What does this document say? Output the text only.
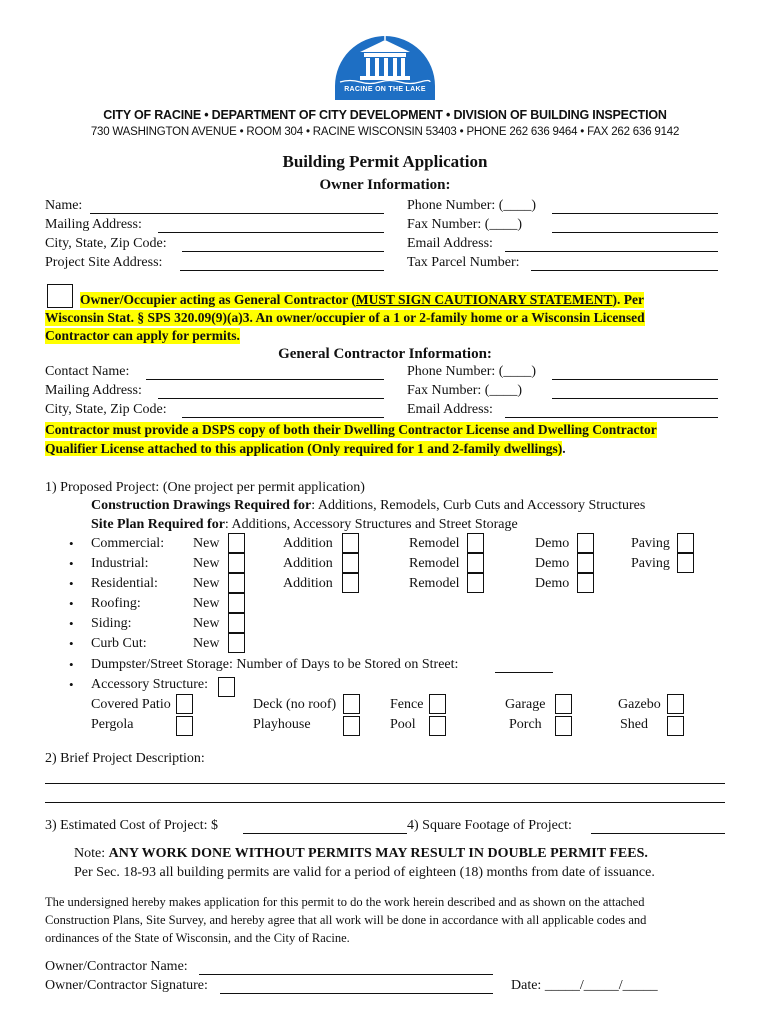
RACINE ON THE LAKE
CITY OF RACINE • DEPARTMENT OF CITY DEVELOPMENT • DIVISION OF BUILDING INSPECTION
730 WASHINGTON AVENUE • ROOM 304 • RACINE WISCONSIN 53403 • PHONE 262 636 9464 • FAX 262 636 9142
Building Permit Application
Owner Information:
Name:
Mailing Address:
City, State, Zip Code:
Project Site Address:
Phone Number: (____)
Fax Number: (____)
Email Address:
Tax Parcel Number:
Owner/Occupier acting as General Contractor (MUST SIGN CAUTIONARY STATEMENT). Per
Wisconsin Stat. § SPS 320.09(9)(a)3. An owner/occupier of a 1 or 2-family home or a Wisconsin Licensed
Contractor can apply for permits.
General Contractor Information:
Contact Name:
Mailing Address:
City, State, Zip Code:
Phone Number: (____)
Fax Number: (____)
Email Address:
Contractor must provide a DSPS copy of both their Dwelling Contractor License and Dwelling Contractor
Qualifier License attached to this application (Only required for 1 and 2-family dwellings).
1) Proposed Project: (One project per permit application)
Construction Drawings Required for: Additions, Remodels, Curb Cuts and Accessory Structures
Site Plan Required for: Additions, Accessory Structures and Street Storage
•
•
•
•
•
•
•
•
Commercial:
Industrial:
Residential:
Roofing:
Siding:
Curb Cut:
New
New
New
New
New
New
Addition
Addition
Addition
Remodel
Remodel
Remodel
Demo
Demo
Demo
Paving
Paving
Dumpster/Street Storage: Number of Days to be Stored on Street:
Accessory Structure:
Covered Patio
Pergola
Deck (no roof)
Playhouse
Fence
Pool
Garage
Porch
Gazebo
Shed
2) Brief Project Description:
3) Estimated Cost of Project: $	4) Square Footage of Project:
Note: ANY WORK DONE WITHOUT PERMITS MAY RESULT IN DOUBLE PERMIT FEES.
Per Sec. 18-93 all building permits are valid for a period of eighteen (18) months from date of issuance.
The undersigned hereby makes application for this permit to do the work herein described and as shown on the attached
Construction Plans, Site Survey, and hereby agree that all work will be done in accordance with all applicable codes and
ordinances of the State of Wisconsin, and the City of Racine.
Owner/Contractor Name:
Owner/Contractor Signature:	Date: _____/_____/_____
